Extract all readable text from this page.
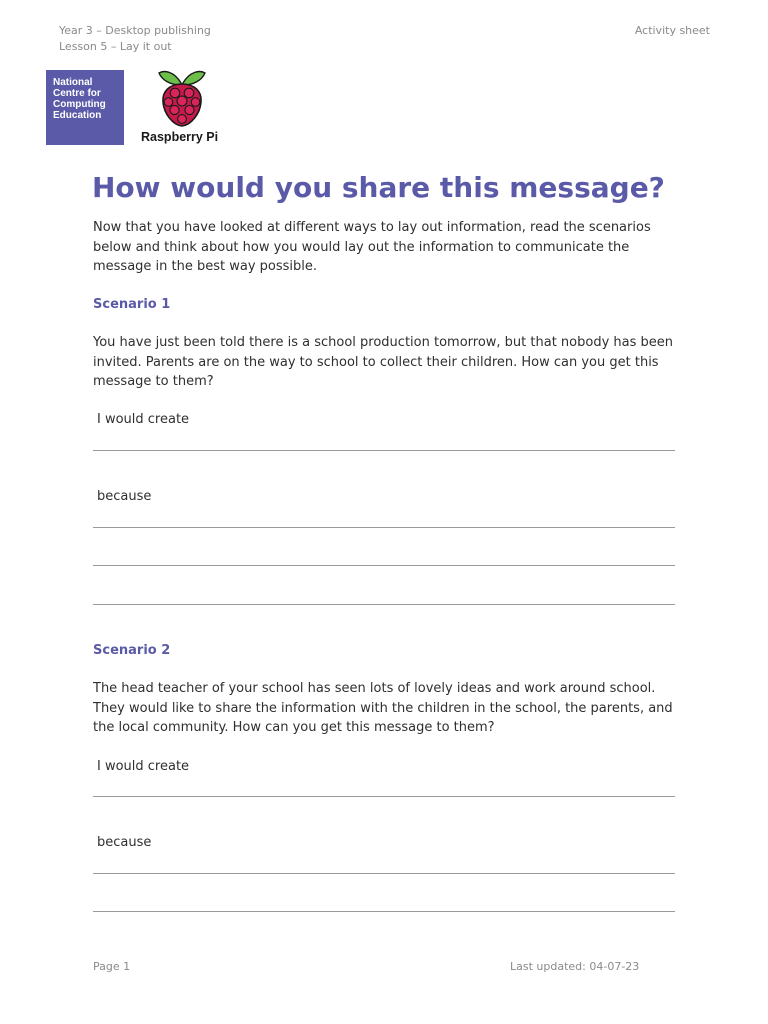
Year 3 – Desktop publishing
Lesson 5 – Lay it out
Activity sheet
National
Centre for
Computing
Education
Raspberry Pi
How would you share this message?

Now that you have looked at different ways to lay out information, read the scenarios below and think about how you would lay out the information to communicate the message in the best way possible.

Scenario 1

You have just been told there is a school production tomorrow, but that nobody has been invited. Parents are on the way to school to collect their children. How can you get this message to them?

I would create
because
Scenario 2

The head teacher of your school has seen lots of lovely ideas and work around school. They would like to share the information with the children in the school, the parents, and the local community. How can you get this message to them?

I would create
because
Page 1	Last updated: 04-07-23
